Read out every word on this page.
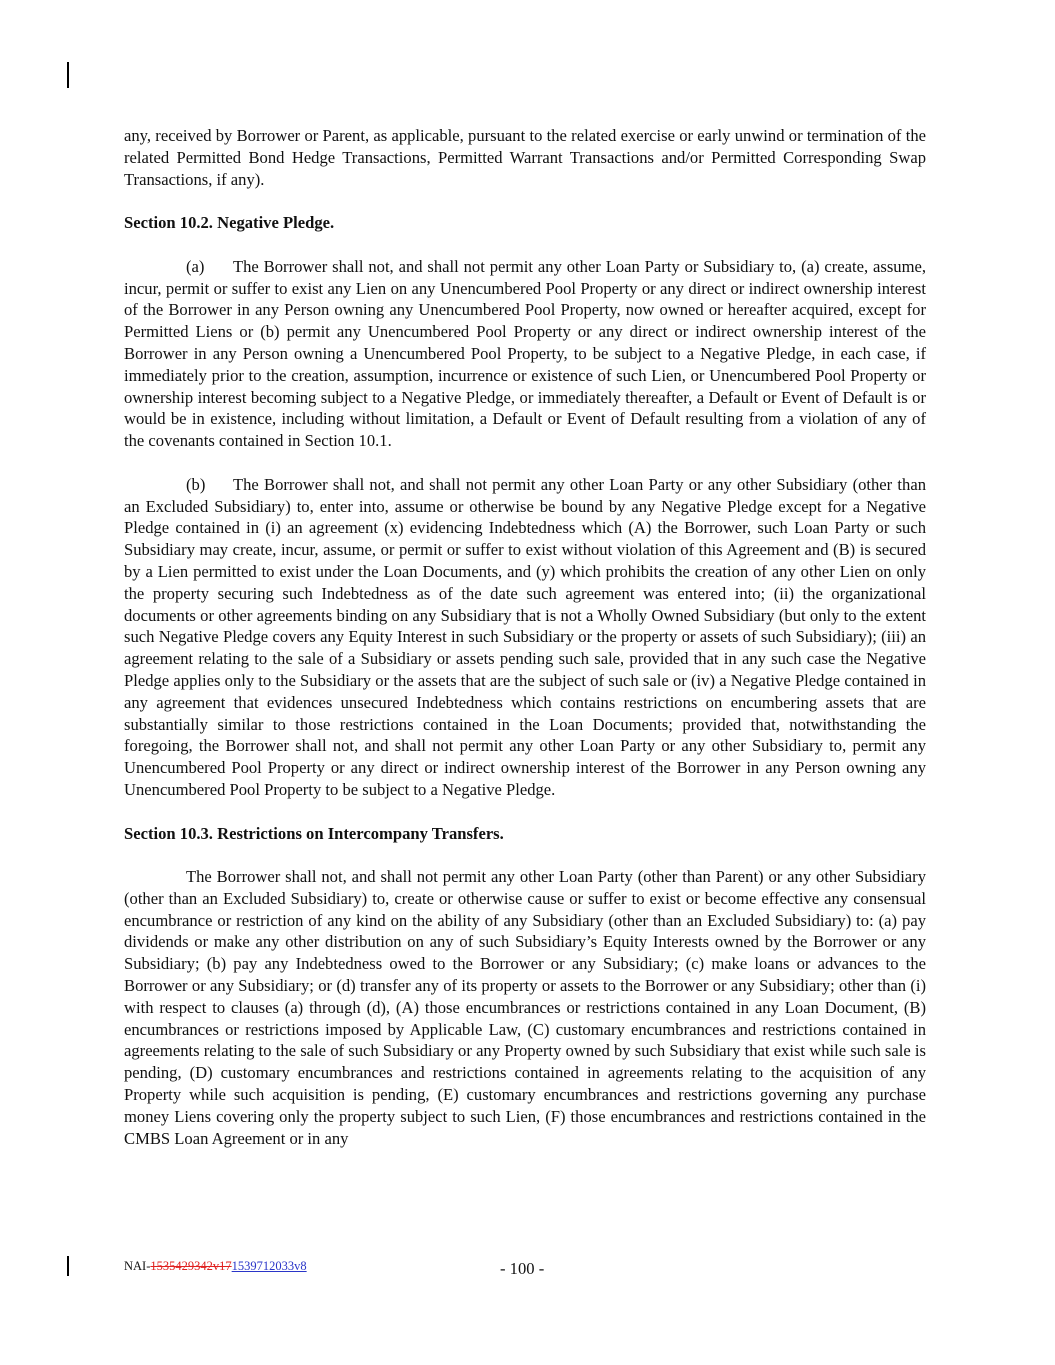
any, received by Borrower or Parent, as applicable, pursuant to the related exercise or early unwind or termination of the related Permitted Bond Hedge Transactions, Permitted Warrant Transactions and/or Permitted Corresponding Swap Transactions, if any).

Section 10.2. Negative Pledge.

(a) The Borrower shall not, and shall not permit any other Loan Party or Subsidiary to, (a) create, assume, incur, permit or suffer to exist any Lien on any Unencumbered Pool Property or any direct or indirect ownership interest of the Borrower in any Person owning any Unencumbered Pool Property, now owned or hereafter acquired, except for Permitted Liens or (b) permit any Unencumbered Pool Property or any direct or indirect ownership interest of the Borrower in any Person owning a Unencumbered Pool Property, to be subject to a Negative Pledge, in each case, if immediately prior to the creation, assumption, incurrence or existence of such Lien, or Unencumbered Pool Property or ownership interest becoming subject to a Negative Pledge, or immediately thereafter, a Default or Event of Default is or would be in existence, including without limitation, a Default or Event of Default resulting from a violation of any of the covenants contained in Section 10.1.

(b) The Borrower shall not, and shall not permit any other Loan Party or any other Subsidiary (other than an Excluded Subsidiary) to, enter into, assume or otherwise be bound by any Negative Pledge except for a Negative Pledge contained in (i) an agreement (x) evidencing Indebtedness which (A) the Borrower, such Loan Party or such Subsidiary may create, incur, assume, or permit or suffer to exist without violation of this Agreement and (B) is secured by a Lien permitted to exist under the Loan Documents, and (y) which prohibits the creation of any other Lien on only the property securing such Indebtedness as of the date such agreement was entered into; (ii) the organizational documents or other agreements binding on any Subsidiary that is not a Wholly Owned Subsidiary (but only to the extent such Negative Pledge covers any Equity Interest in such Subsidiary or the property or assets of such Subsidiary); (iii) an agreement relating to the sale of a Subsidiary or assets pending such sale, provided that in any such case the Negative Pledge applies only to the Subsidiary or the assets that are the subject of such sale or (iv) a Negative Pledge contained in any agreement that evidences unsecured Indebtedness which contains restrictions on encumbering assets that are substantially similar to those restrictions contained in the Loan Documents; provided that, notwithstanding the foregoing, the Borrower shall not, and shall not permit any other Loan Party or any other Subsidiary to, permit any Unencumbered Pool Property or any direct or indirect ownership interest of the Borrower in any Person owning any Unencumbered Pool Property to be subject to a Negative Pledge.

Section 10.3. Restrictions on Intercompany Transfers.

The Borrower shall not, and shall not permit any other Loan Party (other than Parent) or any other Subsidiary (other than an Excluded Subsidiary) to, create or otherwise cause or suffer to exist or become effective any consensual encumbrance or restriction of any kind on the ability of any Subsidiary (other than an Excluded Subsidiary) to: (a) pay dividends or make any other distribution on any of such Subsidiary’s Equity Interests owned by the Borrower or any Subsidiary; (b) pay any Indebtedness owed to the Borrower or any Subsidiary; (c) make loans or advances to the Borrower or any Subsidiary; or (d) transfer any of its property or assets to the Borrower or any Subsidiary; other than (i) with respect to clauses (a) through (d), (A) those encumbrances or restrictions contained in any Loan Document, (B) encumbrances or restrictions imposed by Applicable Law, (C) customary encumbrances and restrictions contained in agreements relating to the sale of such Subsidiary or any Property owned by such Subsidiary that exist while such sale is pending, (D) customary encumbrances and restrictions contained in agreements relating to the acquisition of any Property while such acquisition is pending, (E) customary encumbrances and restrictions governing any purchase money Liens covering only the property subject to such Lien, (F) those encumbrances and restrictions contained in the CMBS Loan Agreement or in any

NAI-1535429342v171539712033v8	- 100 -
